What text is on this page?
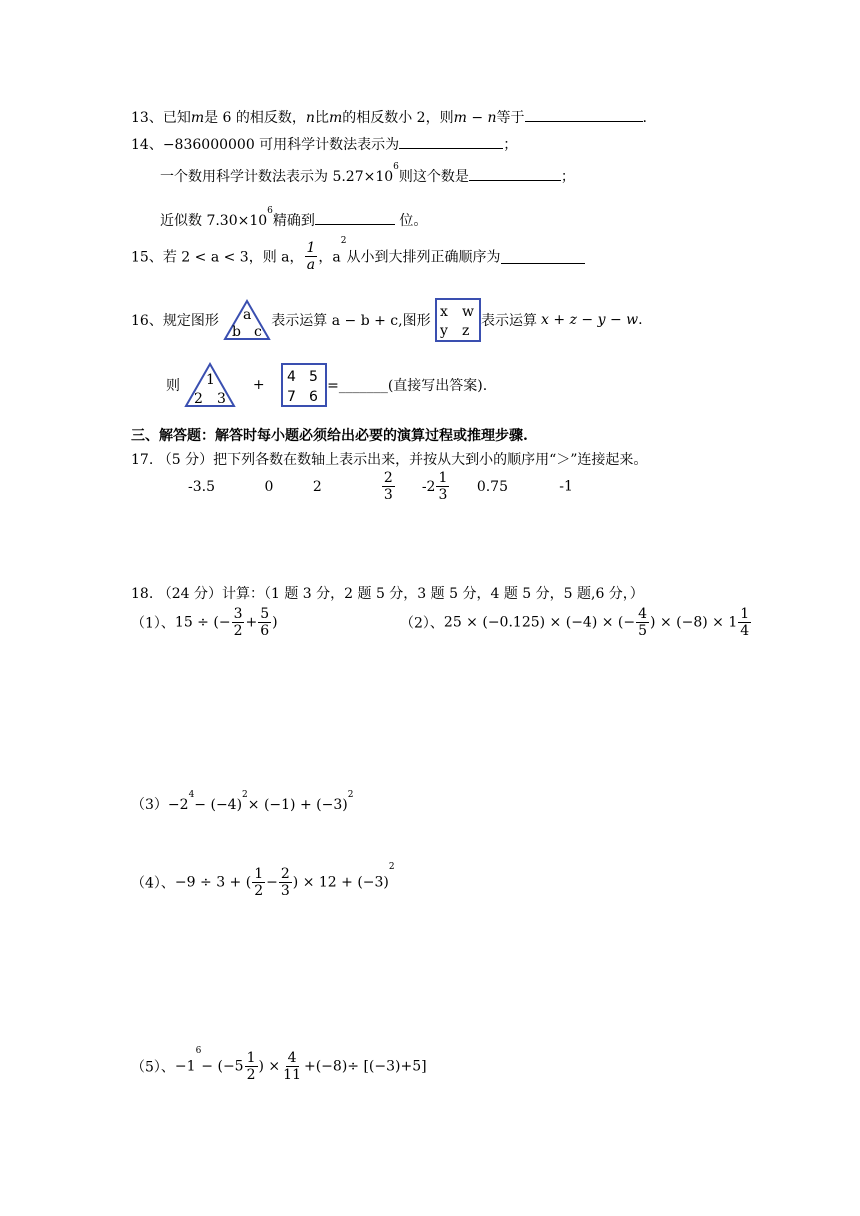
13、已知m是 6 的相反数，n比m的相反数小 2，则m − n等于	.
14、−836000000 可用科学计数法表示为	；
一个数用科学计数法表示为 $5.27\times 10^6$则这个数是	；
近似数 $7.30\times 10^6$精确到	位。
15、若 2 < a < 3，则 a， $\frac{1}{a}$ ，$a^2$从小到大排列正确顺序为
16、规定图形 a
b c
表示运算 a − b + c,图形
x w
y z
表示运算 x + z − y − w.
则 1
2 3
+ 4 5
7 6
=_______(直接写出答案).
三、解答题：解答时每小题必须给出必要的演算过程或推理步骤.
17. （5 分）把下列各数在数轴上表示出来，并按从大到小的顺序用“＞”连接起来。
-3.5	0	2	$\frac{2}{3} -2 \frac{1}{3} 0.75$	-1
18. （24 分）计算：（1 题 3 分，2 题 5 分，3 题 5 分，4 题 5 分，5 题,6 分，）
（1）、15 ÷ (− $\frac{3}{2} + \frac{5}{6}$ )	（2）、25 × (−0.125) × (−4) × (− $\frac{4}{5}$ ) × $(-8) \times 1 \frac{1}{4}$
$(3)-2^4- (-4)^2\times (-1) + (-3)^2$
（4）、−9 ÷ 3 + ( $\frac{1}{2} - \frac{2}{3}$ ) × $12 + (-3)^2$
（5）、$-1^6- (-5 \frac{1}{2}$ ) × $\frac{4}{11} +(-8)\div [(-3)+5]$
